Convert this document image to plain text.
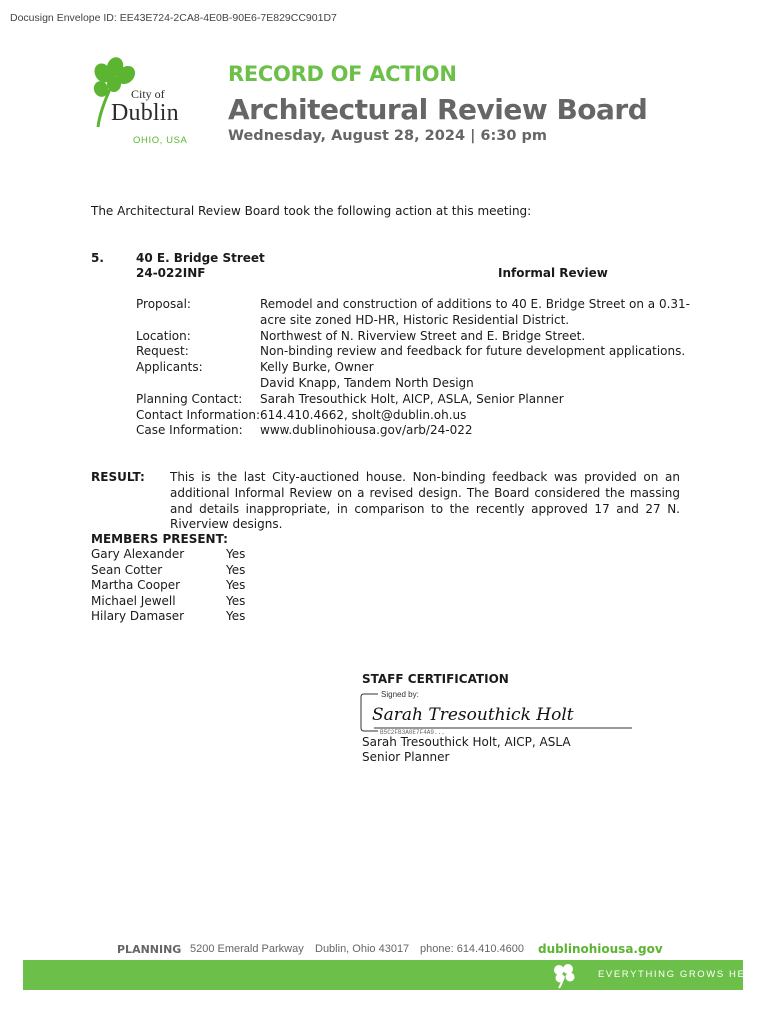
Docusign Envelope ID: EE43E724-2CA8-4E0B-90E6-7E829CC901D7
City of
Dublin
OHIO, USA
RECORD OF ACTION
Architectural Review Board
Wednesday, August 28, 2024 | 6:30 pm
The Architectural Review Board took the following action at this meeting:
5.	40 E. Bridge Street
24-022INF	Informal Review
Proposal:	Remodel and construction of additions to 40 E. Bridge Street on a 0.31-acre site zoned HD-HR, Historic Residential District.
Location:	Northwest of N. Riverview Street and E. Bridge Street.
Request:	Non-binding review and feedback for future development applications.
Applicants:	Kelly Burke, Owner
David Knapp, Tandem North Design
Planning Contact:	Sarah Tresouthick Holt, AICP, ASLA, Senior Planner
Contact Information: 614.410.4662, sholt@dublin.oh.us
Case Information:	www.dublinohiousa.gov/arb/24-022
RESULT: This is the last City-auctioned house. Non-binding feedback was provided on an additional Informal Review on a revised design. The Board considered the massing and details inappropriate, in comparison to the recently approved 17 and 27 N. Riverview designs.
MEMBERS PRESENT:
Gary Alexander	Yes
Sean Cotter	Yes
Martha Cooper	Yes
Michael Jewell	Yes
Hilary Damaser	Yes
STAFF CERTIFICATION
Signed by:
Sarah Tresouthick Holt
B5C2FB3A0E7F4A9...
Sarah Tresouthick Holt, AICP, ASLA
Senior Planner
PLANNING 5200 Emerald Parkway Dublin, Ohio 43017 phone: 614.410.4600 dublinohiousa.gov
EVERYTHING GROWS HERE.
